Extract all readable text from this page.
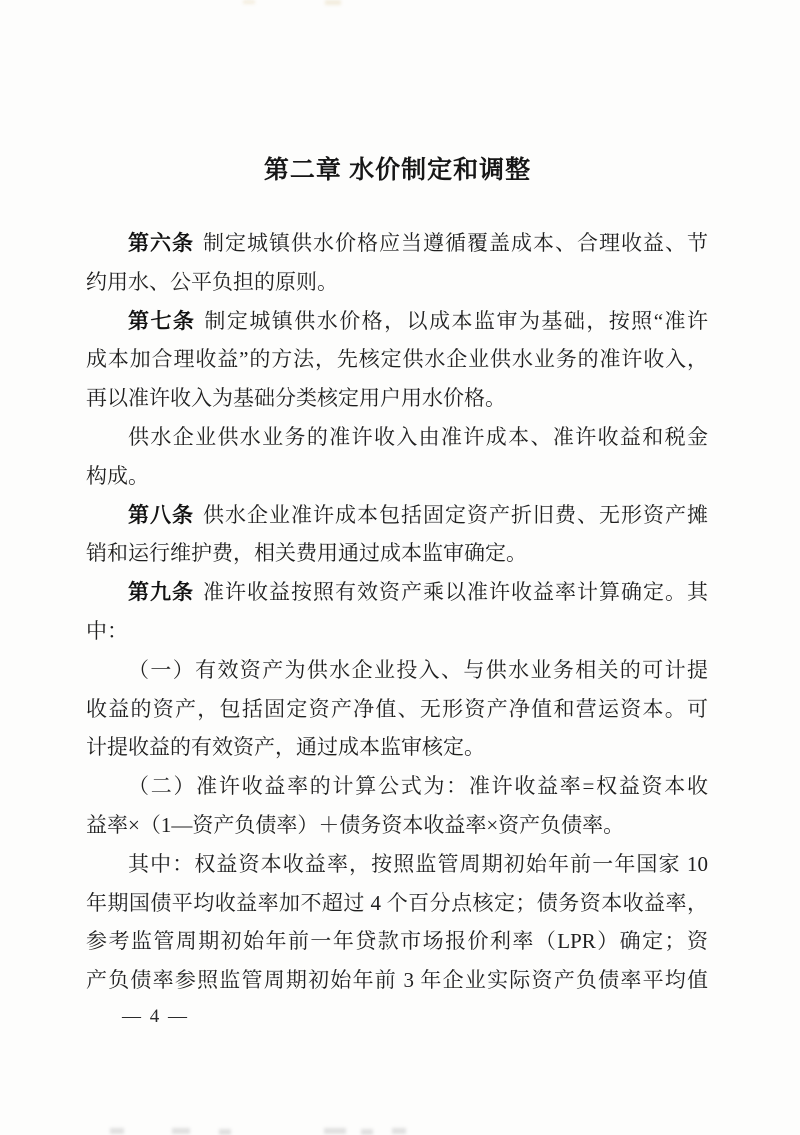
第二章 水价制定和调整
第六条 制定城镇供水价格应当遵循覆盖成本、合理收益、节
约用水、公平负担的原则。
第七条 制定城镇供水价格，以成本监审为基础，按照“准许
成本加合理收益”的方法，先核定供水企业供水业务的准许收入，
再以准许收入为基础分类核定用户用水价格。
供水企业供水业务的准许收入由准许成本、准许收益和税金
构成。
第八条 供水企业准许成本包括固定资产折旧费、无形资产摊
销和运行维护费，相关费用通过成本监审确定。
第九条 准许收益按照有效资产乘以准许收益率计算确定。其
中：
（一）有效资产为供水企业投入、与供水业务相关的可计提
收益的资产，包括固定资产净值、无形资产净值和营运资本。可
计提收益的有效资产，通过成本监审核定。
（二）准许收益率的计算公式为：准许收益率=权益资本收
益率×（1—资产负债率）＋债务资本收益率×资产负债率。
其中：权益资本收益率，按照监管周期初始年前一年国家 10
年期国债平均收益率加不超过 4 个百分点核定；债务资本收益率，
参考监管周期初始年前一年贷款市场报价利率（LPR）确定；资
产负债率参照监管周期初始年前 3 年企业实际资产负债率平均值
— 4 —
